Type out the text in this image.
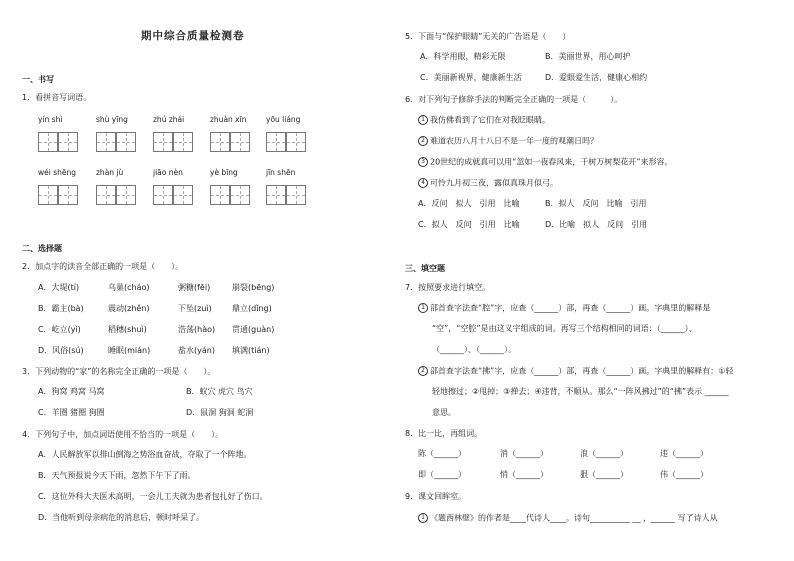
期中综合质量检测卷
一、书写
1．看拼音写词语。
yín shì	shù yīng	zhú zhái	zhuàn xīn	yōu liáng
wéi shēng	zhàn jù	jiāo nèn	yè bīng	jīn shēn
二、选择题
2．加点字的读音全部正确的一项是（　　）。
A．大堤(tí)	乌巢(cháo)	粥糖(fēi)	崩裂(bēng)
B．霸主(bà)	震动(zhěn)	下坠(zuì)	鼎立(dǐng)
C．屹立(yì)	稻穗(shuì)	浩荡(hào) 贯通(guàn)
D．风俗(sú)	睡眠(mián)	盐水(yán) 填满(tián)
3．下列动物的“家”的名称完全正确的一项是（　　）。
A．狗窝 鸡窝 马窝	B．蚁穴 虎穴 鸟穴
C．羊圈 猪圈 狗圈	D．鼠洞 狗洞 蛇洞
4．下列句子中，加点词语使用不恰当的一项是（　　）。
A．人民解放军以排山倒海之势浴血奋战，夺取了一个阵地。
B．天气预报说今天下雨，忽然下午下了雨。
C．这位外科大夫医术高明，一会儿工夫就为患者包扎好了伤口。
D．当他听到母亲病危的消息后，顿时呼呆了。
5．下面与“保护眼睛”无关的广告语是（　　）
A．科学用眼，精彩无限	B．美丽世界，用心呵护
C．美丽新视界，健康新生活	D．爱眼爱生活，健康心相约
6．对下列句子修辞手法的判断完全正确的一项是（　　　）。
1 我仿佛看到了它们在对我眨眼睛。
2 难道农历八月十八日不是一年一度的观潮日吗？
3 20世纪的成就真可以用“忽如一夜春风来，千树万树梨花开”来形容。
4 可怜九月初三夜，露似真珠月似弓。
A．反问　拟人　引用　比喻	B．拟人　反问　比喻　引用
C．拟人　反问　引用　比喻	D．比喻　拟人　反问　引用
三、填空题
7．按照要求进行填空。
1 部首查字法查“腔”字，应查（______）部，再查（______）画。字典里的解释是
“空”，“空腔”是由这义字组成的词。再写三个结构相同的词语：（______）、
（______）、（______）。
2 部首查字法查“拂”字，应查（______）部，再查（______）画。字典里的解释有：①轻
轻地擦过；②甩掉；③掸去；④违背，不顺从。那么“一阵风拂过”的“拂”表示 ______
意思。
8．比一比，再组词。
陈（______）	消（______）	浪（______）	违（______）
即（______）	悄（______）	狠（______）	伟（______）
9．课文回眸室。
1 《题西林壁》的作者是____代诗人____。诗句__________ __ ，______ 写了诗人从
